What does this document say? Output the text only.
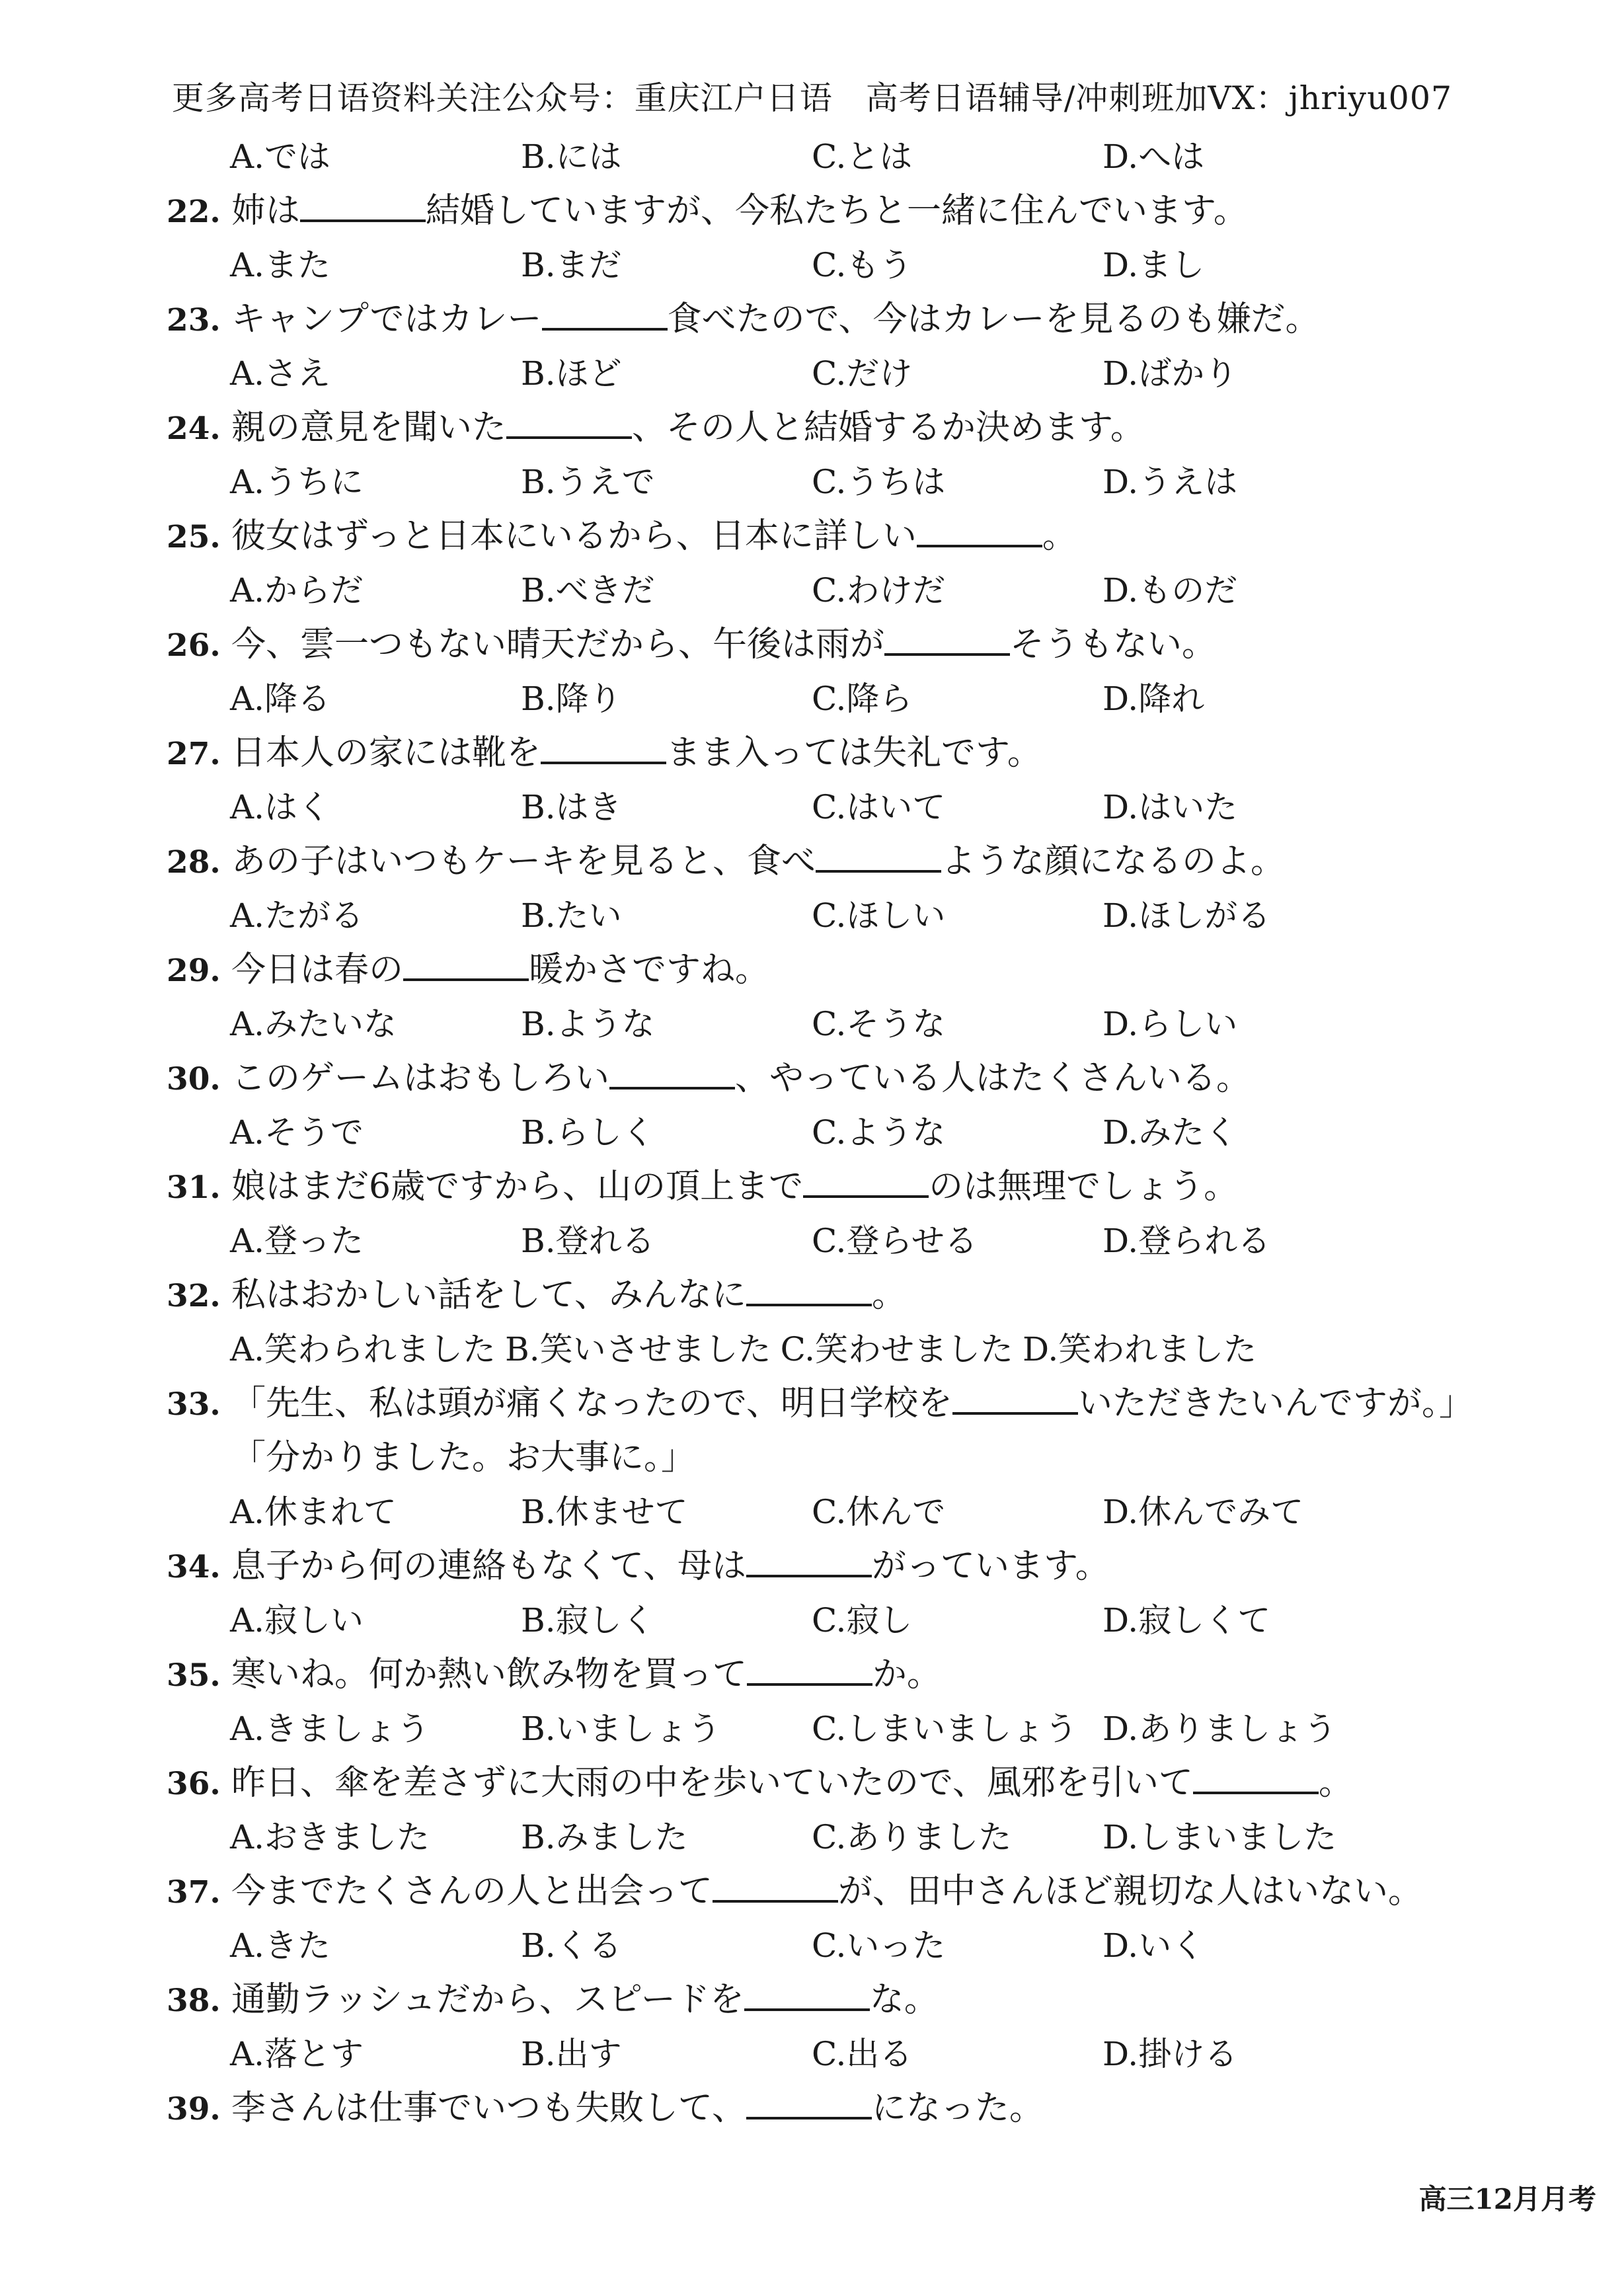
更多高考日语资料关注公众号：重庆江户日语　高考日语辅导/冲刺班加VX：jhriyu007
A.では	B.には	C.とは	D.へは
22. 姉は	結婚していますが、今私たちと一緒に住んでいます。
A.また	B.まだ	C.もう	D.まし
23. キャンプではカレー	食べたので、今はカレーを見るのも嫌だ。
A.さえ	B.ほど	C.だけ	D.ばかり
24. 親の意見を聞いた	、その人と結婚するか決めます。
A.うちに	B.うえで	C.うちは	D.うえは
25. 彼女はずっと日本にいるから、日本に詳しい	。
A.からだ	B.べきだ	C.わけだ	D.ものだ
26. 今、雲一つもない晴天だから、午後は雨が	そうもない。
A.降る	B.降り	C.降ら	D.降れ
27. 日本人の家には靴を	まま入っては失礼です。
A.はく	B.はき	C.はいて	D.はいた
28. あの子はいつもケーキを見ると、食べ	ような顔になるのよ。
A.たがる	B.たい	C.ほしい	D.ほしがる
29. 今日は春の	暖かさですね。
A.みたいな	B.ような	C.そうな	D.らしい
30. このゲームはおもしろい	、やっている人はたくさんいる。
A.そうで	B.らしく	C.ような	D.みたく
31. 娘はまだ6歳ですから、山の頂上まで	のは無理でしょう。
A.登った	B.登れる	C.登らせる	D.登られる
32. 私はおかしい話をして、みんなに	。
A.笑わられました B.笑いさせました C.笑わせました D.笑われました
33. 「先生、私は頭が痛くなったので、明日学校を	いただきたいんですが。」
「分かりました。お大事に。」
A.休まれて	B.休ませて	C.休んで	D.休んでみて
34. 息子から何の連絡もなくて、母は	がっています。
A.寂しい	B.寂しく	C.寂し	D.寂しくて
35. 寒いね。何か熱い飲み物を買って	か。
A.きましょう	B.いましょう	C.しまいましょう D.ありましょう
36. 昨日、傘を差さずに大雨の中を歩いていたので、風邪を引いて	。
A.おきました	B.みました	C.ありました	D.しまいました
37. 今までたくさんの人と出会って	が、田中さんほど親切な人はいない。
A.きた	B.くる	C.いった	D.いく
38. 通勤ラッシュだから、スピードを	な。
A.落とす	B.出す	C.出る	D.掛ける
39. 李さんは仕事でいつも失敗して、	になった。
高三12月月考
